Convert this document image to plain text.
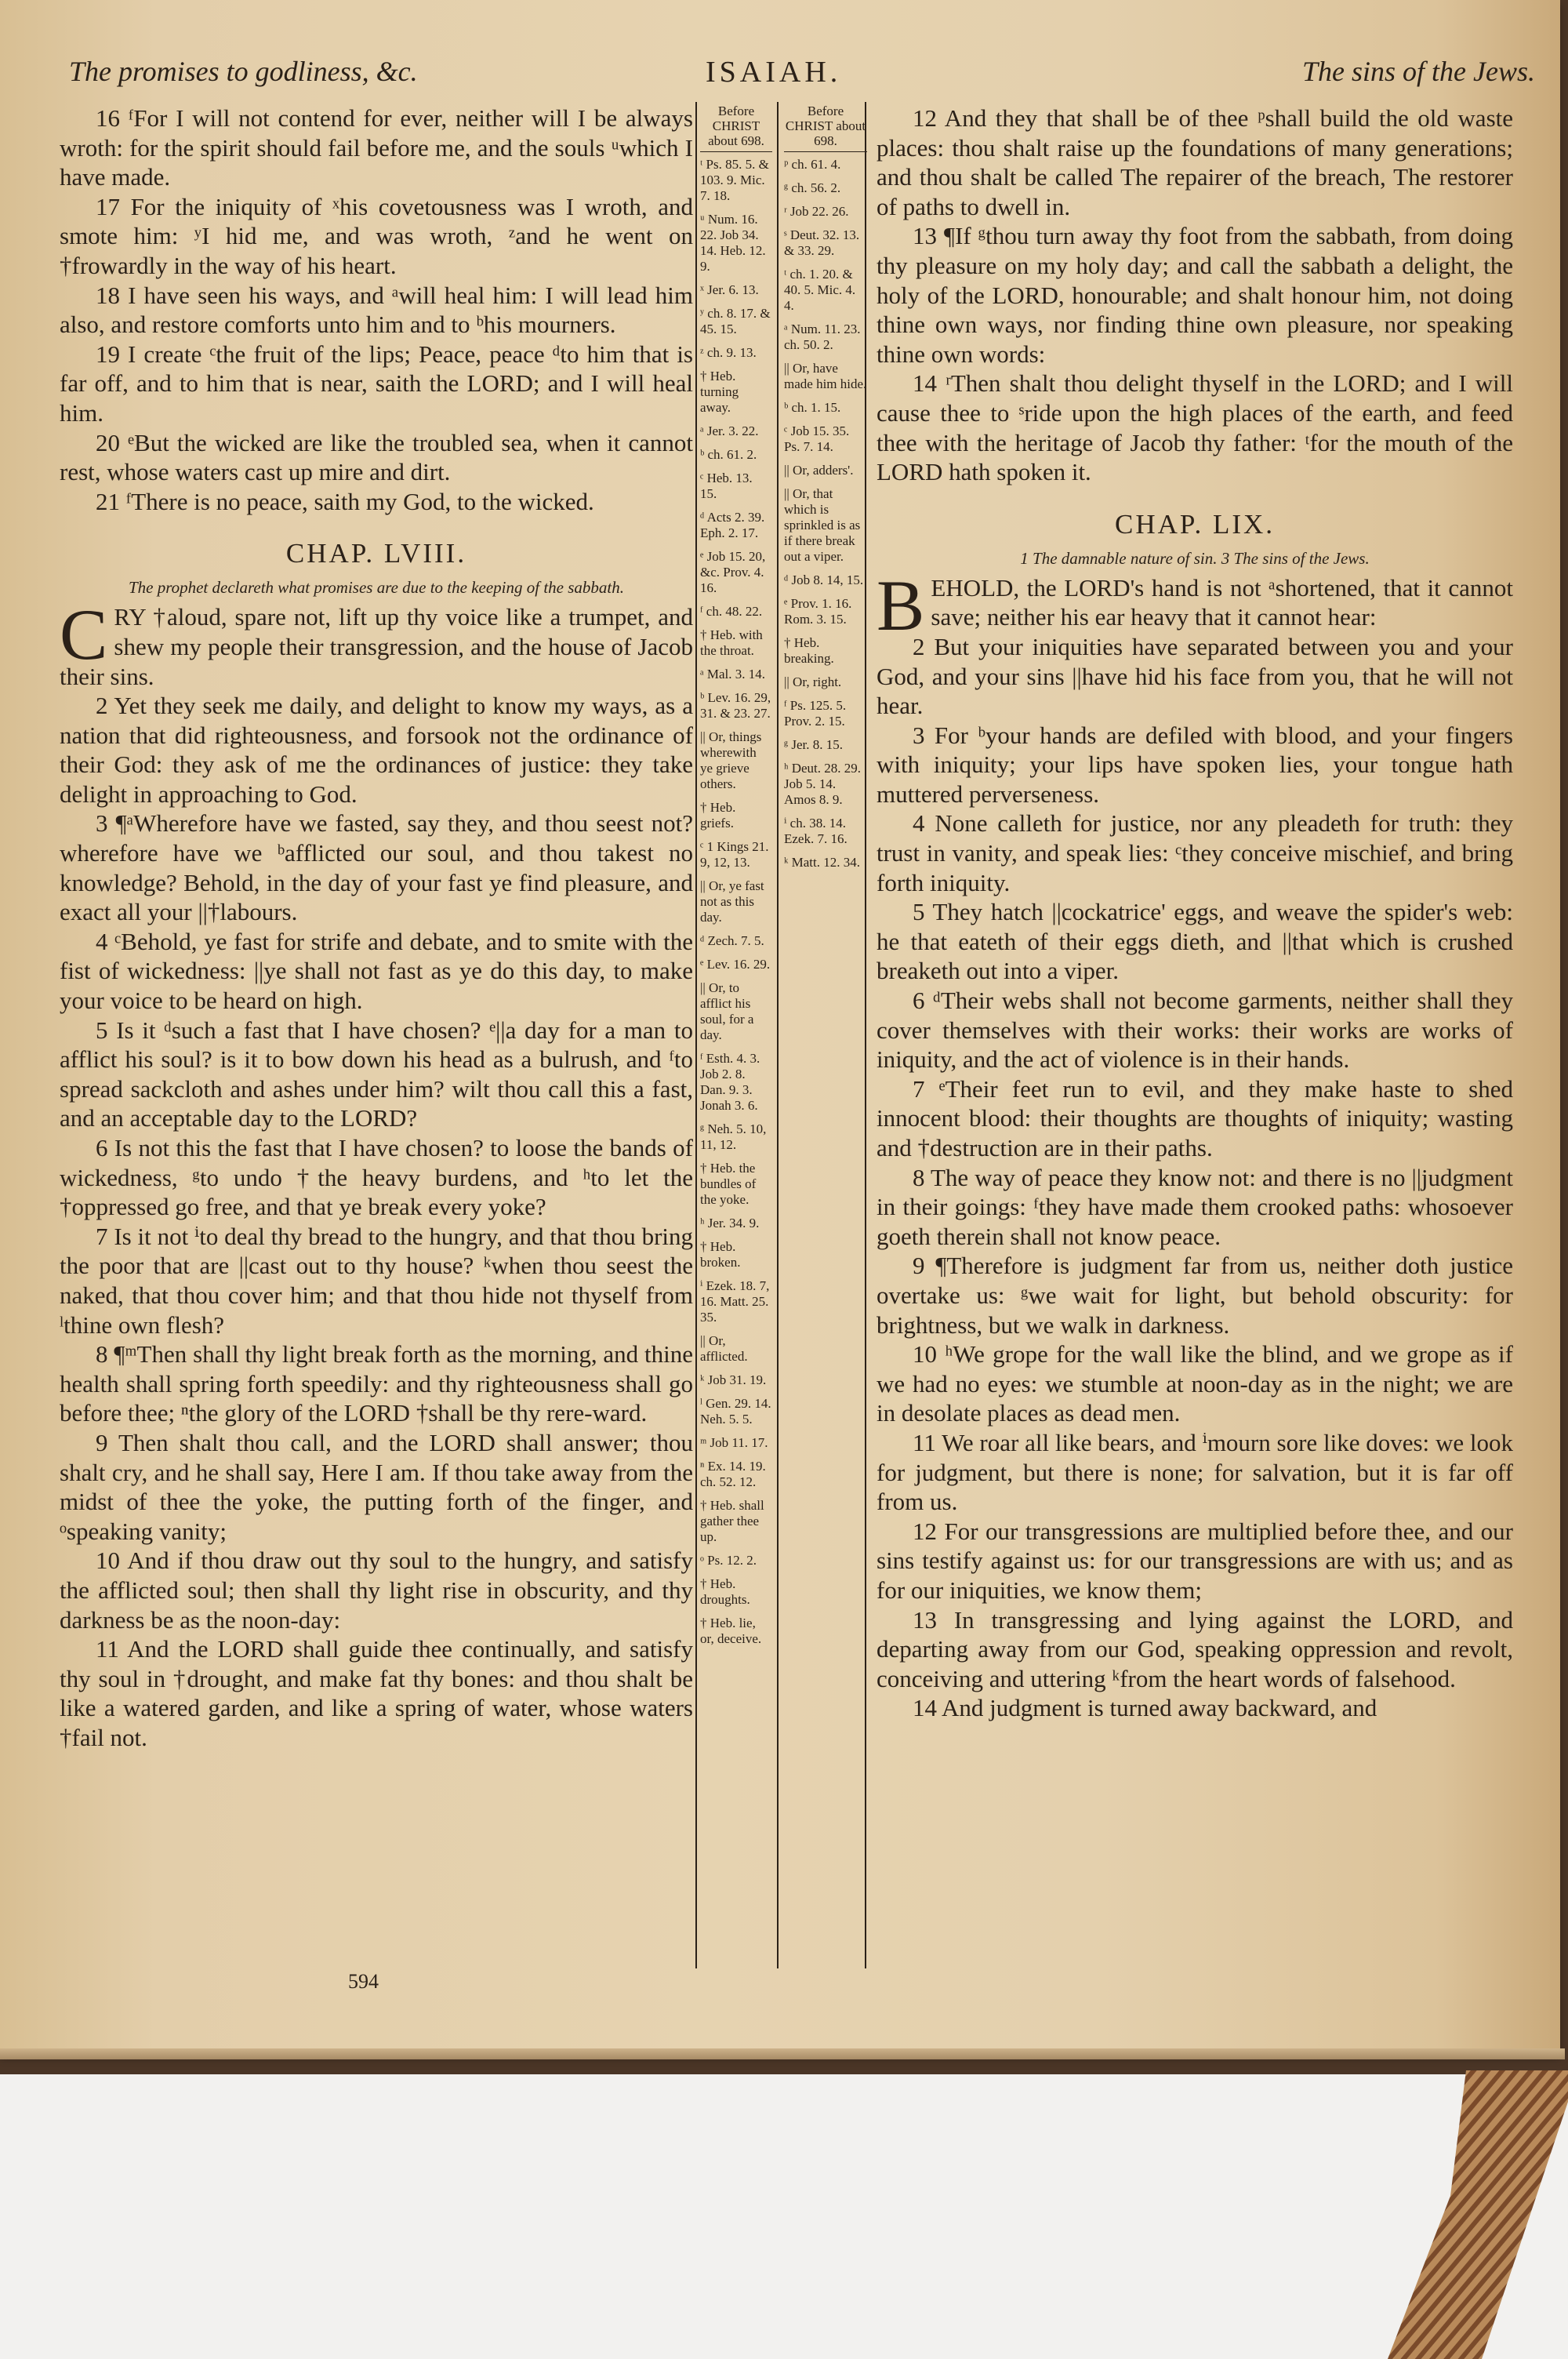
The promises to godliness, &c.	ISAIAH.	The sins of the Jews.

16 ᶠFor I will not contend for ever, neither will I be always wroth: for the spirit should fail before me, and the souls ᵘwhich I have made.

17 For the iniquity of ˣhis covetousness was I wroth, and smote him: ʸI hid me, and was wroth, ᶻand he went on †frowardly in the way of his heart.

18 I have seen his ways, and ᵃwill heal him: I will lead him also, and restore comforts unto him and to ᵇhis mourners.

19 I create ᶜthe fruit of the lips; Peace, peace ᵈto him that is far off, and to him that is near, saith the LORD; and I will heal him.

20 ᵉBut the wicked are like the troubled sea, when it cannot rest, whose waters cast up mire and dirt.

21 ᶠThere is no peace, saith my God, to the wicked.

CHAP. LVIII.
The prophet declareth what promises are due to the keeping of the sabbath.

CRY †aloud, spare not, lift up thy voice like a trumpet, and shew my people their transgression, and the house of Jacob their sins.

2 Yet they seek me daily, and delight to know my ways, as a nation that did righteousness, and forsook not the ordinance of their God: they ask of me the ordinances of justice: they take delight in approaching to God.

3 ¶ᵃWherefore have we fasted, say they, and thou seest not? wherefore have we ᵇafflicted our soul, and thou takest no knowledge? Behold, in the day of your fast ye find pleasure, and exact all your ||†labours.

4 ᶜBehold, ye fast for strife and debate, and to smite with the fist of wickedness: ||ye shall not fast as ye do this day, to make your voice to be heard on high.

5 Is it ᵈsuch a fast that I have chosen? ᵉ||a day for a man to afflict his soul? is it to bow down his head as a bulrush, and ᶠto spread sackcloth and ashes under him? wilt thou call this a fast, and an acceptable day to the LORD?

6 Is not this the fast that I have chosen? to loose the bands of wickedness, ᵍto undo †the heavy burdens, and ʰto let the †oppressed go free, and that ye break every yoke?

7 Is it not ⁱto deal thy bread to the hungry, and that thou bring the poor that are ||cast out to thy house? ᵏwhen thou seest the naked, that thou cover him; and that thou hide not thyself from ˡthine own flesh?

8 ¶ᵐThen shall thy light break forth as the morning, and thine health shall spring forth speedily: and thy righteousness shall go before thee; ⁿthe glory of the LORD †shall be thy rere-ward.

9 Then shalt thou call, and the LORD shall answer; thou shalt cry, and he shall say, Here I am. If thou take away from the midst of thee the yoke, the putting forth of the finger, and ᵒspeaking vanity;

10 And if thou draw out thy soul to the hungry, and satisfy the afflicted soul; then shall thy light rise in obscurity, and thy darkness be as the noon-day:

11 And the LORD shall guide thee continually, and satisfy thy soul in †drought, and make fat thy bones: and thou shalt be like a watered garden, and like a spring of water, whose waters †fail not.

Before CHRIST about 698.

ᵗ Ps. 85. 5. & 103. 9. Mic. 7. 18.

ᵘ Num. 16. 22. Job 34. 14. Heb. 12. 9.

ˣ Jer. 6. 13.

ʸ ch. 8. 17. & 45. 15.

ᶻ ch. 9. 13.

† Heb. turning away.

ᵃ Jer. 3. 22.

ᵇ ch. 61. 2.

ᶜ Heb. 13. 15.

ᵈ Acts 2. 39. Eph. 2. 17.

ᵉ Job 15. 20, &c. Prov. 4. 16.

ᶠ ch. 48. 22.

† Heb. with the throat.

ᵃ Mal. 3. 14.

ᵇ Lev. 16. 29, 31. & 23. 27.

|| Or, things wherewith ye grieve others.

† Heb. griefs.

ᶜ 1 Kings 21. 9, 12, 13.

|| Or, ye fast not as this day.

ᵈ Zech. 7. 5.

ᵉ Lev. 16. 29.

|| Or, to afflict his soul, for a day.

ᶠ Esth. 4. 3. Job 2. 8. Dan. 9. 3. Jonah 3. 6.

ᵍ Neh. 5. 10, 11, 12.

† Heb. the bundles of the yoke.

ʰ Jer. 34. 9.

† Heb. broken.

ⁱ Ezek. 18. 7, 16. Matt. 25. 35.

|| Or, afflicted.

ᵏ Job 31. 19.

ˡ Gen. 29. 14. Neh. 5. 5.

ᵐ Job 11. 17.

ⁿ Ex. 14. 19. ch. 52. 12.

† Heb. shall gather thee up.

ᵒ Ps. 12. 2.

† Heb. droughts.

† Heb. lie, or, deceive.

Before CHRIST about 698.

ᵖ ch. 61. 4.

ᵍ ch. 56. 2.

ʳ Job 22. 26.

ˢ Deut. 32. 13. & 33. 29.

ᵗ ch. 1. 20. & 40. 5. Mic. 4. 4.

ᵃ Num. 11. 23. ch. 50. 2.

|| Or, have made him hide.

ᵇ ch. 1. 15.

ᶜ Job 15. 35. Ps. 7. 14.

|| Or, adders'.

|| Or, that which is sprinkled is as if there break out a viper.

ᵈ Job 8. 14, 15.

ᵉ Prov. 1. 16. Rom. 3. 15.

† Heb. breaking.

|| Or, right.

ᶠ Ps. 125. 5. Prov. 2. 15.

ᵍ Jer. 8. 15.

ʰ Deut. 28. 29. Job 5. 14. Amos 8. 9.

ⁱ ch. 38. 14. Ezek. 7. 16.

ᵏ Matt. 12. 34.

12 And they that shall be of thee ᵖshall build the old waste places: thou shalt raise up the foundations of many generations; and thou shalt be called The repairer of the breach, The restorer of paths to dwell in.

13 ¶If ᵍthou turn away thy foot from the sabbath, from doing thy pleasure on my holy day; and call the sabbath a delight, the holy of the LORD, honourable; and shalt honour him, not doing thine own ways, nor finding thine own pleasure, nor speaking thine own words:

14 ʳThen shalt thou delight thyself in the LORD; and I will cause thee to ˢride upon the high places of the earth, and feed thee with the heritage of Jacob thy father: ᵗfor the mouth of the LORD hath spoken it.

CHAP. LIX.
1 The damnable nature of sin. 3 The sins of the Jews.

BEHOLD, the LORD's hand is not ᵃshortened, that it cannot save; neither his ear heavy that it cannot hear:

2 But your iniquities have separated between you and your God, and your sins ||have hid his face from you, that he will not hear.

3 For ᵇyour hands are defiled with blood, and your fingers with iniquity; your lips have spoken lies, your tongue hath muttered perverseness.

4 None calleth for justice, nor any pleadeth for truth: they trust in vanity, and speak lies: ᶜthey conceive mischief, and bring forth iniquity.

5 They hatch ||cockatrice' eggs, and weave the spider's web: he that eateth of their eggs dieth, and ||that which is crushed breaketh out into a viper.

6 ᵈTheir webs shall not become garments, neither shall they cover themselves with their works: their works are works of iniquity, and the act of violence is in their hands.

7 ᵉTheir feet run to evil, and they make haste to shed innocent blood: their thoughts are thoughts of iniquity; wasting and †destruction are in their paths.

8 The way of peace they know not: and there is no ||judgment in their goings: ᶠthey have made them crooked paths: whosoever goeth therein shall not know peace.

9 ¶Therefore is judgment far from us, neither doth justice overtake us: ᵍwe wait for light, but behold obscurity: for brightness, but we walk in darkness.

10 ʰWe grope for the wall like the blind, and we grope as if we had no eyes: we stumble at noon-day as in the night; we are in desolate places as dead men.

11 We roar all like bears, and ⁱmourn sore like doves: we look for judgment, but there is none; for salvation, but it is far off from us.

12 For our transgressions are multiplied before thee, and our sins testify against us: for our transgressions are with us; and as for our iniquities, we know them;

13 In transgressing and lying against the LORD, and departing away from our God, speaking oppression and revolt, conceiving and uttering ᵏfrom the heart words of falsehood.

14 And judgment is turned away backward, and

594
